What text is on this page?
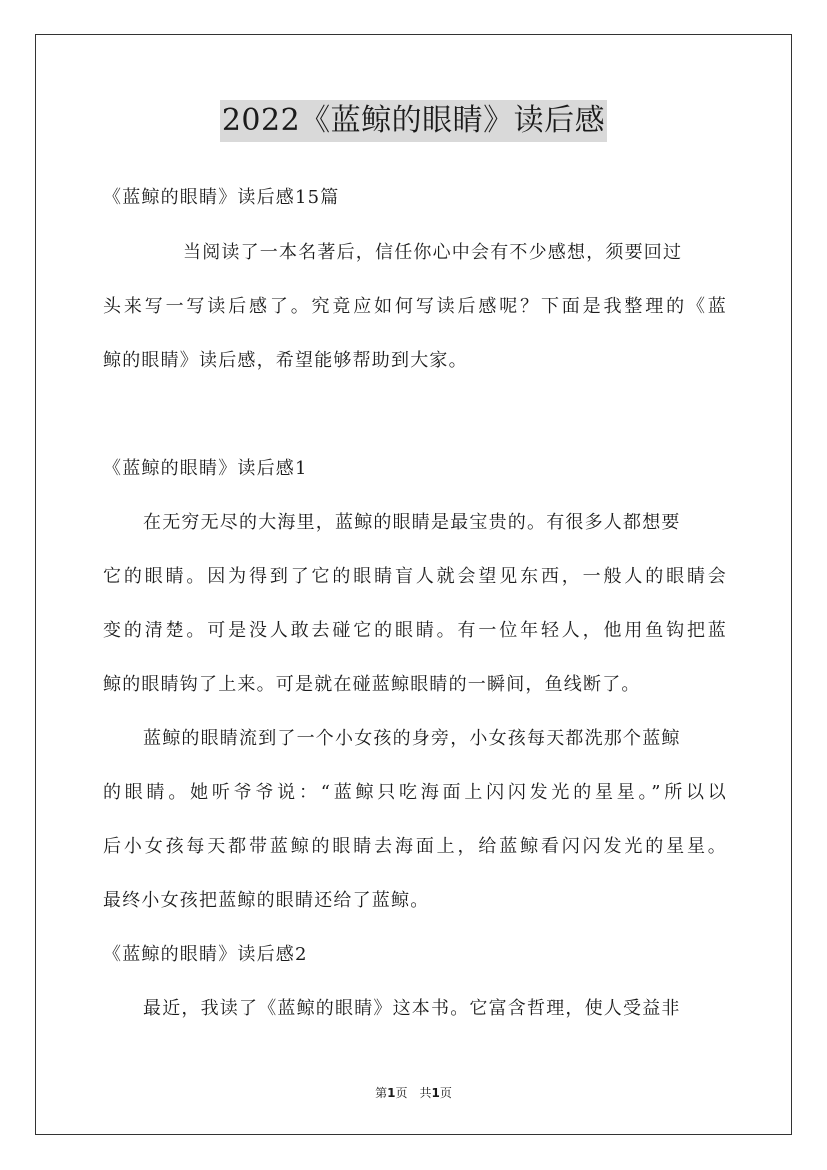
2022《蓝鲸的眼睛》读后感
《蓝鲸的眼睛》读后感15篇
当阅读了一本名著后，信任你心中会有不少感想，须要回过
头来写一写读后感了。究竟应如何写读后感呢？下面是我整理的《蓝
鲸的眼睛》读后感，希望能够帮助到大家。
《蓝鲸的眼睛》读后感1
在无穷无尽的大海里，蓝鲸的眼睛是最宝贵的。有很多人都想要
它的眼睛。因为得到了它的眼睛盲人就会望见东西，一般人的眼睛会
变的清楚。可是没人敢去碰它的眼睛。有一位年轻人，他用鱼钩把蓝
鲸的眼睛钩了上来。可是就在碰蓝鲸眼睛的一瞬间，鱼线断了。
蓝鲸的眼睛流到了一个小女孩的身旁，小女孩每天都洗那个蓝鲸
的眼睛。她听爷爷说：“蓝鲸只吃海面上闪闪发光的星星。”所以以
后小女孩每天都带蓝鲸的眼睛去海面上，给蓝鲸看闪闪发光的星星。
最终小女孩把蓝鲸的眼睛还给了蓝鲸。
《蓝鲸的眼睛》读后感2
最近，我读了《蓝鲸的眼睛》这本书。它富含哲理，使人受益非
第1页　共1页
